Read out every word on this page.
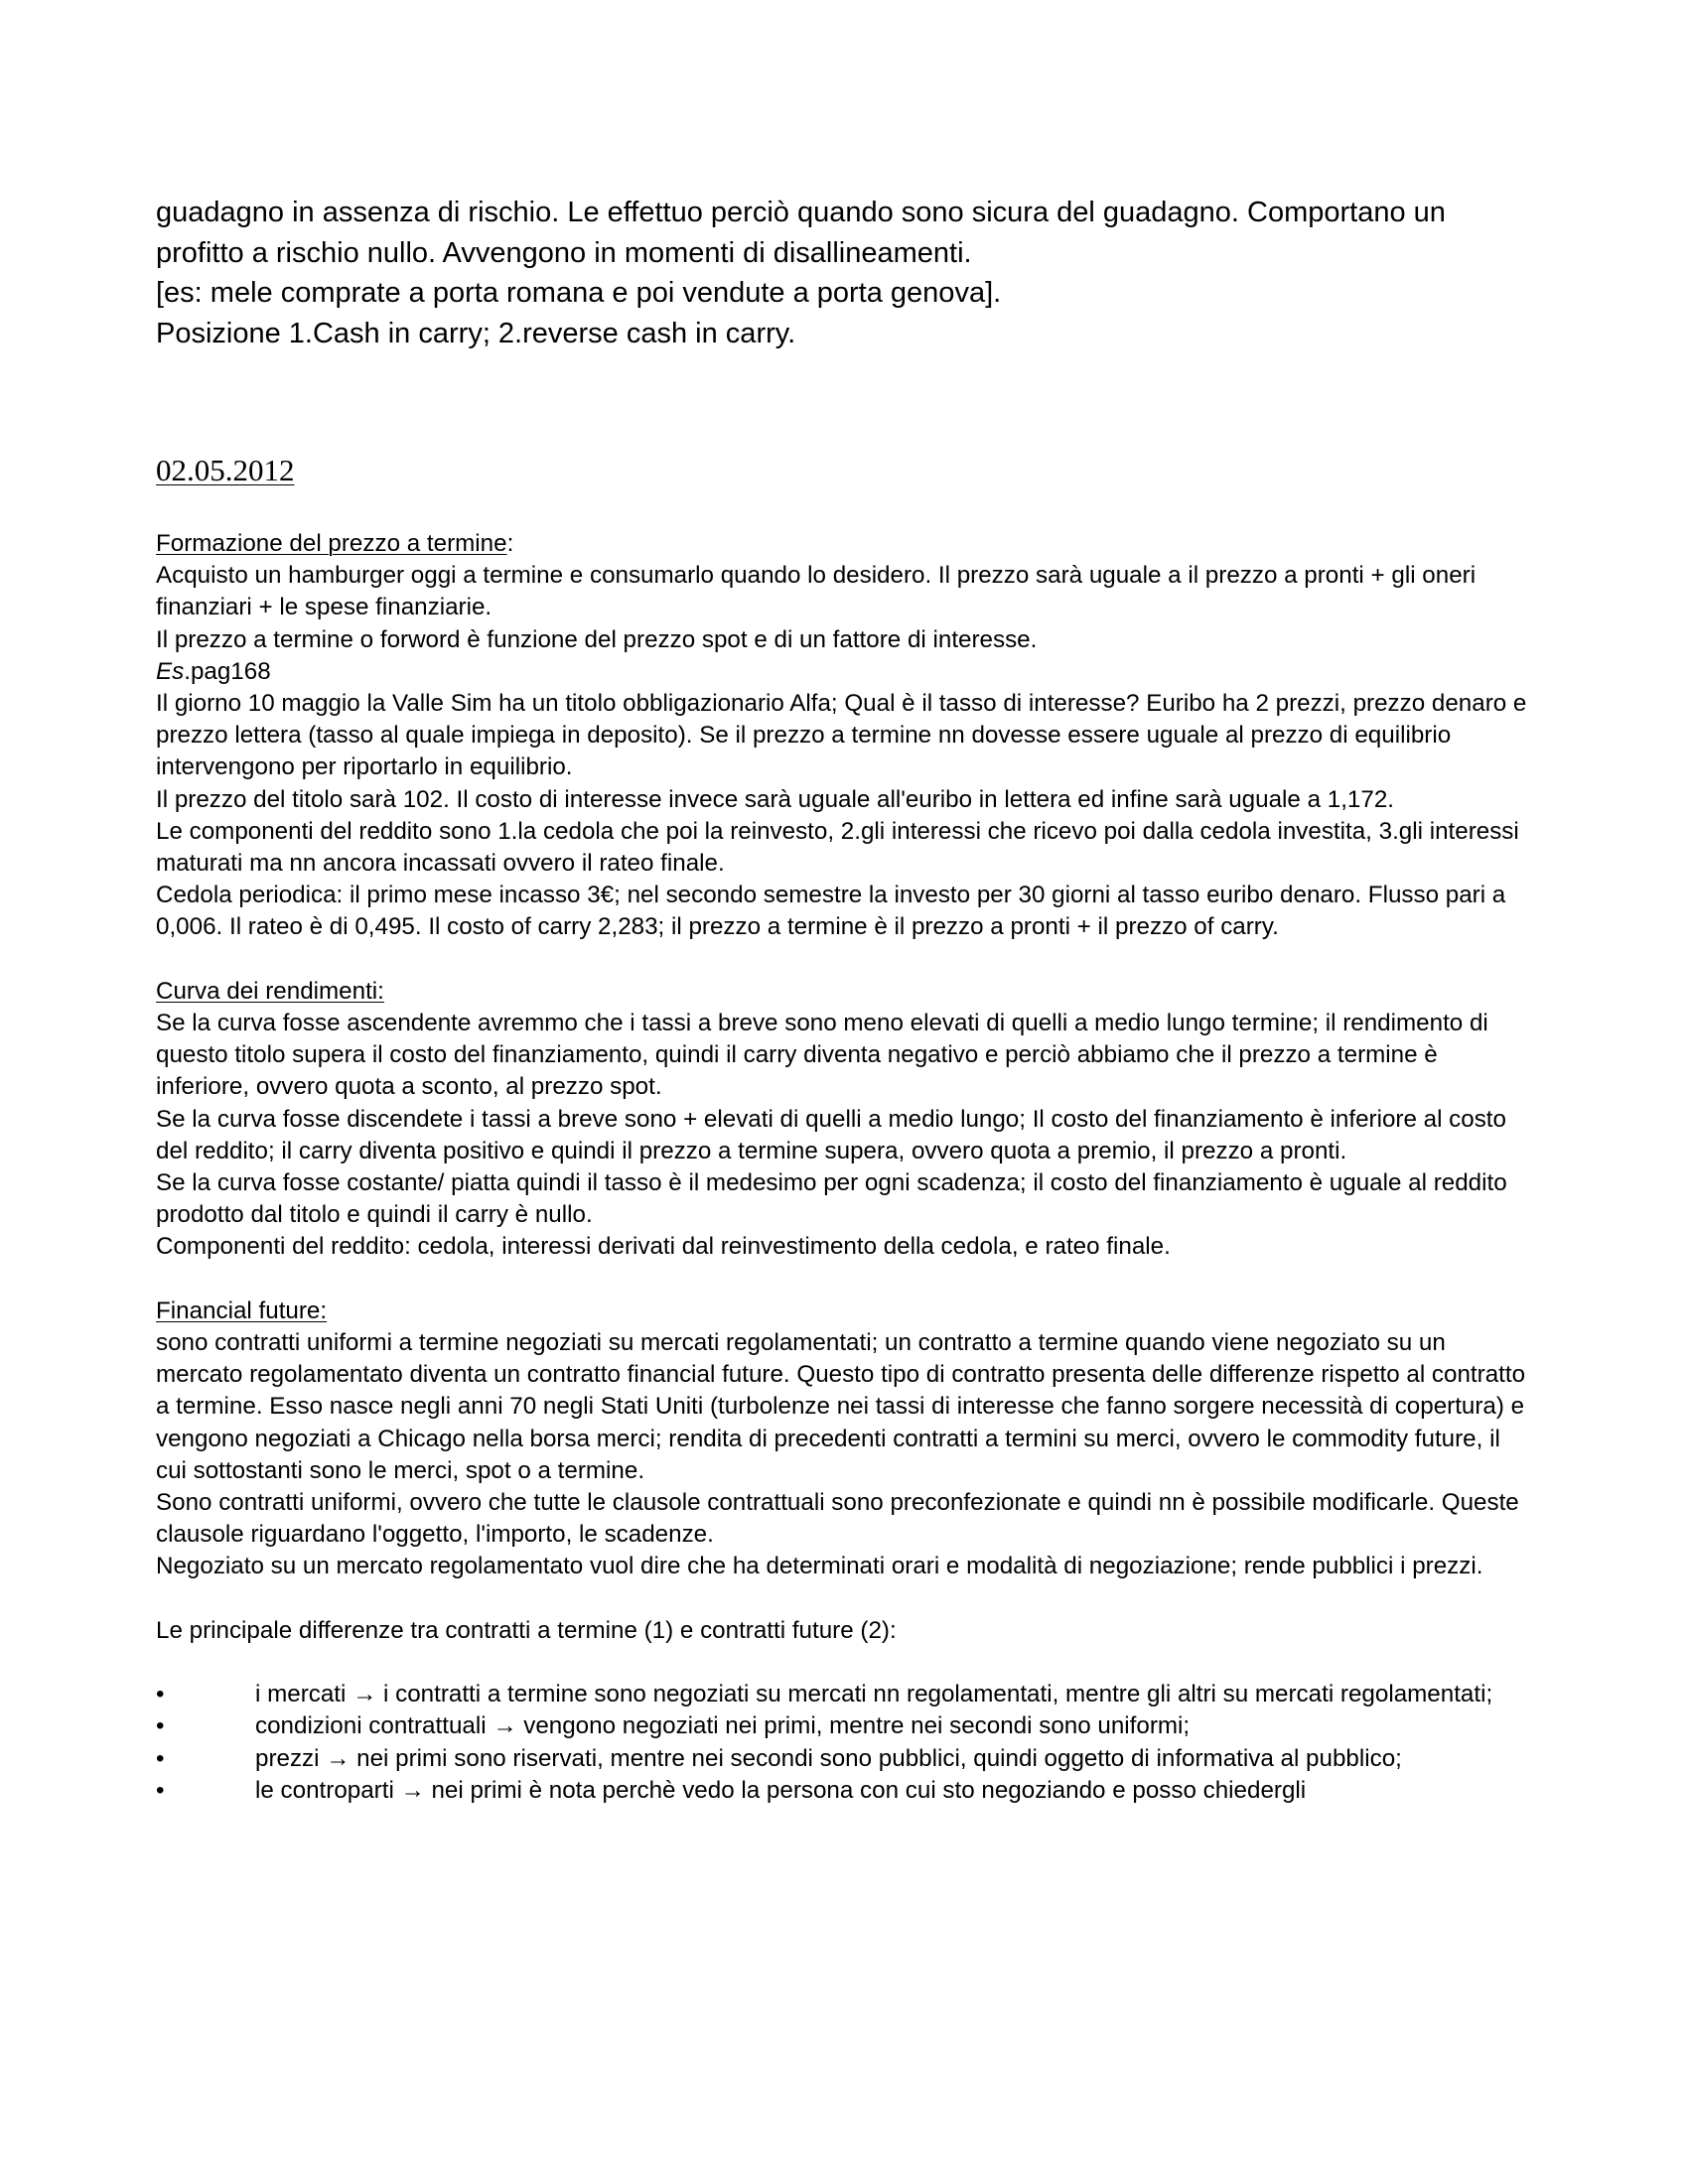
guadagno in assenza di rischio. Le effettuo perciò quando sono sicura del guadagno. Comportano un profitto a rischio nullo. Avvengono in momenti di disallineamenti.

[es: mele comprate a porta romana e poi vendute a porta genova].

Posizione 1.Cash in carry; 2.reverse cash in carry.

02.05.2012

Formazione del prezzo a termine:

Acquisto un hamburger oggi a termine e consumarlo quando lo desidero. Il prezzo sarà uguale a il prezzo a pronti + gli oneri finanziari + le spese finanziarie.

Il prezzo a termine o forword è funzione del prezzo spot e di un fattore di interesse.

Es.pag168

Il giorno 10 maggio la Valle Sim ha un titolo obbligazionario Alfa; Qual è il tasso di interesse? Euribo ha 2 prezzi, prezzo denaro e prezzo lettera (tasso al quale impiega in deposito). Se il prezzo a termine nn dovesse essere uguale al prezzo di equilibrio intervengono per riportarlo in equilibrio.

Il prezzo del titolo sarà 102. Il costo di interesse invece sarà uguale all'euribo in lettera ed infine sarà uguale a 1,172.

Le componenti del reddito sono 1.la cedola che poi la reinvesto, 2.gli interessi che ricevo poi dalla cedola investita, 3.gli interessi maturati ma nn ancora incassati ovvero il rateo finale.

Cedola periodica: il primo mese incasso 3€; nel secondo semestre la investo per 30 giorni al tasso euribo denaro. Flusso pari a 0,006. Il rateo è di 0,495. Il costo of carry 2,283; il prezzo a termine è il prezzo a pronti + il prezzo of carry.

Curva dei rendimenti:

Se la curva fosse ascendente avremmo che i tassi a breve sono meno elevati di quelli a medio lungo termine; il rendimento di questo titolo supera il costo del finanziamento, quindi il carry diventa negativo e perciò abbiamo che il prezzo a termine è inferiore, ovvero quota a sconto, al prezzo spot.

Se la curva fosse discendete i tassi a breve sono + elevati di quelli a medio lungo; Il costo del finanziamento è inferiore al costo del reddito; il carry diventa positivo e quindi il prezzo a termine supera, ovvero quota a premio, il prezzo a pronti.

Se la curva fosse costante/ piatta quindi il tasso è il medesimo per ogni scadenza; il costo del finanziamento è uguale al reddito prodotto dal titolo e quindi il carry è nullo.

Componenti del reddito: cedola, interessi derivati dal reinvestimento della cedola, e rateo finale.

Financial future:

sono contratti uniformi a termine negoziati su mercati regolamentati; un contratto a termine quando viene negoziato su un mercato regolamentato diventa un contratto financial future. Questo tipo di contratto presenta delle differenze rispetto al contratto a termine. Esso nasce negli anni 70 negli Stati Uniti (turbolenze nei tassi di interesse che fanno sorgere necessità di copertura) e vengono negoziati a Chicago nella borsa merci; rendita di precedenti contratti a termini su merci, ovvero le commodity future, il cui sottostanti sono le merci, spot o a termine.

Sono contratti uniformi, ovvero che tutte le clausole contrattuali sono preconfezionate e quindi nn è possibile modificarle. Queste clausole riguardano l'oggetto, l'importo, le scadenze.

Negoziato su un mercato regolamentato vuol dire che ha determinati orari e modalità di negoziazione; rende pubblici i prezzi.

Le principale differenze tra contratti a termine (1) e contratti future (2):

•	i mercati → i contratti a termine sono negoziati su mercati nn regolamentati, mentre gli altri su mercati regolamentati;
•	condizioni contrattuali → vengono negoziati nei primi, mentre nei secondi sono uniformi;
•	prezzi → nei primi sono riservati, mentre nei secondi sono pubblici, quindi oggetto di informativa al pubblico;
•	le controparti → nei primi è nota perchè vedo la persona con cui sto negoziando e posso chiedergli
